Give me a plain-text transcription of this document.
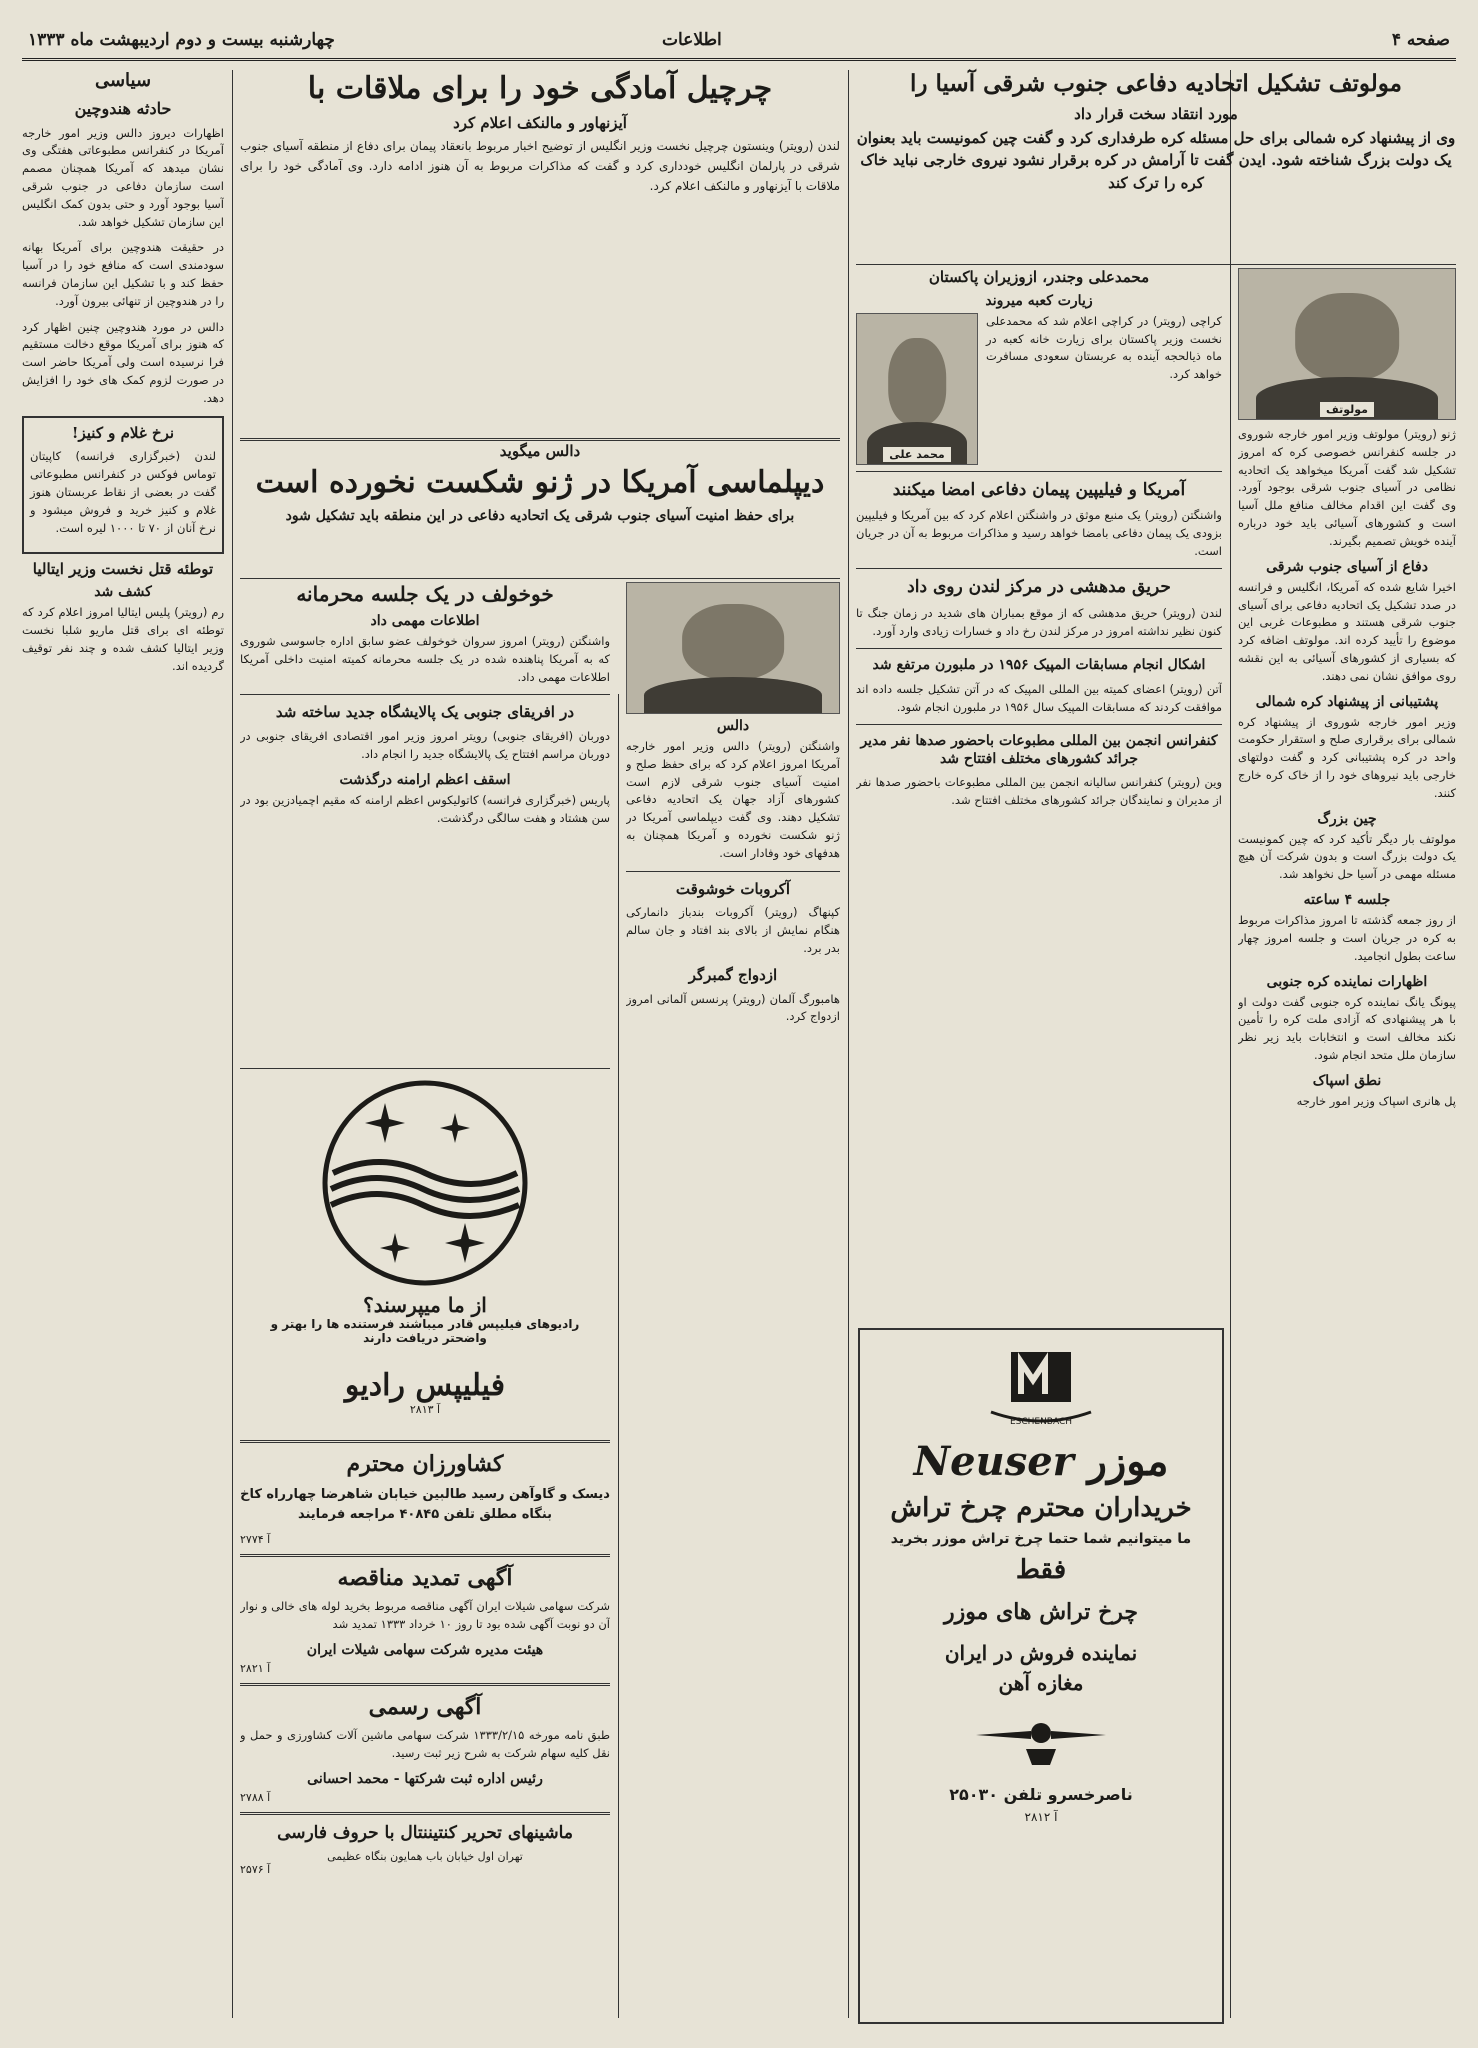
صفحه ۴
اطلاعات
چهارشنبه بیست و دوم اردیبهشت ماه ۱۳۳۳
مولوتف تشکیل اتحادیه دفاعی جنوب شرقی آسیا را
مورد انتقاد سخت قرار داد
وی از پیشنهاد کره شمالی برای حل مسئله کره طرفداری کرد و گفت چین کمونیست باید بعنوان یک دولت بزرگ شناخته شود. ایدن گفت تا آرامش در کره برقرار نشود نیروی خارجی نباید خاک کره را ترک کند
مولوتف

ژنو (رویتر) مولوتف وزیر امور خارجه شوروی در جلسه کنفرانس خصوصی کره که امروز تشکیل شد گفت آمریکا میخواهد یک اتحادیه نظامی در آسیای جنوب شرقی بوجود آورد. وی گفت این اقدام مخالف منافع ملل آسیا است و کشورهای آسیائی باید خود درباره آینده خویش تصمیم بگیرند.

دفاع از آسیای جنوب شرقی

اخیرا شایع شده که آمریکا، انگلیس و فرانسه در صدد تشکیل یک اتحادیه دفاعی برای آسیای جنوب شرقی هستند و مطبوعات غربی این موضوع را تأیید کرده اند. مولوتف اضافه کرد که بسیاری از کشورهای آسیائی به این نقشه روی موافق نشان نمی دهند.

پشتیبانی از پیشنهاد کره شمالی

وزیر امور خارجه شوروی از پیشنهاد کره شمالی برای برقراری صلح و استقرار حکومت واحد در کره پشتیبانی کرد و گفت دولتهای خارجی باید نیروهای خود را از خاک کره خارج کنند.

چین بزرگ

مولوتف بار دیگر تأکید کرد که چین کمونیست یک دولت بزرگ است و بدون شرکت آن هیچ مسئله مهمی در آسیا حل نخواهد شد.

جلسه ۴ ساعته

از روز جمعه گذشته تا امروز مذاکرات مربوط به کره در جریان است و جلسه امروز چهار ساعت بطول انجامید.

اظهارات نماینده کره جنوبی

پیونگ یانگ نماینده کره جنوبی گفت دولت او با هر پیشنهادی که آزادی ملت کره را تأمین نکند مخالف است و انتخابات باید زیر نظر سازمان ملل متحد انجام شود.

نطق اسپاک

پل هانری اسپاک وزیر امور خارجه

محمدعلی وجندر، ازوزیران پاکستان
زیارت کعبه میروند

کراچی (رویتر) در کراچی اعلام شد که محمدعلی نخست وزیر پاکستان برای زیارت خانه کعبه در ماه ذیالحجه آینده به عربستان سعودی مسافرت خواهد کرد.

محمد علی
آمریکا و فیلیپین پیمان دفاعی امضا میکنند

واشنگتن (رویتر) یک منبع موثق در واشنگتن اعلام کرد که بین آمریکا و فیلیپین بزودی یک پیمان دفاعی بامضا خواهد رسید و مذاکرات مربوط به آن در جریان است.

حریق مدهشی در مرکز لندن روی داد

لندن (رویتر) حریق مدهشی که از موقع بمباران های شدید در زمان جنگ تا کنون نظیر نداشته امروز در مرکز لندن رخ داد و خسارات زیادی وارد آورد.

اشکال انجام مسابقات المپیک ۱۹۵۶ در ملبورن مرتفع شد

آتن (رویتر) اعضای کمیته بین المللی المپیک که در آتن تشکیل جلسه داده اند موافقت کردند که مسابقات المپیک سال ۱۹۵۶ در ملبورن انجام شود.

کنفرانس انجمن بین المللی مطبوعات باحضور صدها نفر مدیر جرائد کشورهای مختلف افتتاح شد

وین (رویتر) کنفرانس سالیانه انجمن بین المللی مطبوعات باحضور صدها نفر از مدیران و نمایندگان جرائد کشورهای مختلف افتتاح شد.

ESCHENBACH
موزر Neuser
خریداران محترم چرخ تراش
ما میتوانیم شما حتما چرخ تراش موزر بخرید
فقط
چرخ تراش های موزر
نماینده فروش در ایران
مغازه آهن
ناصرخسرو تلفن ۲۵۰۳۰
آ ۲۸۱۲
چرچیل آمادگی خود را برای ملاقات با
آیزنهاور و مالنکف اعلام کرد

لندن (رویتر) وینستون چرچیل نخست وزیر انگلیس از توضیح اخبار مربوط بانعقاد پیمان برای دفاع از منطقه آسیای جنوب شرقی در پارلمان انگلیس خودداری کرد و گفت که مذاکرات مربوط به آن هنوز ادامه دارد. وی آمادگی خود را برای ملاقات با آیزنهاور و مالنکف اعلام کرد.

دالس میگوید
دیپلماسی آمریکا در ژنو شکست نخورده است
برای حفظ امنیت آسیای جنوب شرقی یک اتحادیه دفاعی در این منطقه باید تشکیل شود
خوخولف در یک جلسه محرمانه
اطلاعات مهمی داد

واشنگتن (رویتر) امروز سروان خوخولف عضو سابق اداره جاسوسی شوروی که به آمریکا پناهنده شده در یک جلسه محرمانه کمیته امنیت داخلی آمریکا اطلاعات مهمی داد.

در افریقای جنوبی یک پالایشگاه جدید ساخته شد

دوربان (افریقای جنوبی) رویتر امروز وزیر امور اقتصادی افریقای جنوبی در دوربان مراسم افتتاح یک پالایشگاه جدید را انجام داد.

اسقف اعظم ارامنه درگذشت

پاریس (خبرگزاری فرانسه) کاتولیکوس اعظم ارامنه که مقیم اچمیادزین بود در سن هشتاد و هفت سالگی درگذشت.

دالس

واشنگتن (رویتر) دالس وزیر امور خارجه آمریکا امروز اعلام کرد که برای حفظ صلح و امنیت آسیای جنوب شرقی لازم است کشورهای آزاد جهان یک اتحادیه دفاعی تشکیل دهند. وی گفت دیپلماسی آمریکا در ژنو شکست نخورده و آمریکا همچنان به هدفهای خود وفادار است.

آکروبات خوشوقت

کپنهاگ (رویتر) آکروبات بندباز دانمارکی هنگام نمایش از بالای بند افتاد و جان سالم بدر برد.

ازدواج گمبرگر

هامبورگ آلمان (رویتر) پرنسس آلمانی امروز ازدواج کرد.

از ما میپرسند؟
رادیوهای فیلیپس قادر میباشند فرستنده ها را بهتر و واضحتر دریافت دارند
فیلیپس رادیو
آ ۲۸۱۳
کشاورزان محترم

دیسک و گاوآهن رسید طالبین خیابان شاهرضا چهارراه کاخ بنگاه مطلق تلفن ۴۰۸۴۵ مراجعه فرمایند

آ ۲۷۷۴
آگهی تمدید مناقصه

شرکت سهامی شیلات ایران آگهی مناقصه مربوط بخرید لوله های خالی و نوار آن دو نوبت آگهی شده بود تا روز ۱۰ خرداد ۱۳۳۳ تمدید شد

هیئت مدیره شرکت سهامی شیلات ایران
آ ۲۸۲۱
آگهی رسمی

طبق نامه مورخه ۱۳۳۳/۲/۱۵ شرکت سهامی ماشین آلات کشاورزی و حمل و نقل کلیه سهام شرکت به شرح زیر ثبت رسید.

رئیس اداره ثبت شرکتها - محمد احسانی
آ ۲۷۸۸
ماشینهای تحریر کنتیننتال با حروف فارسی
تهران اول خیابان باب همایون بنگاه عظیمی
آ ۲۵۷۶
سیاسی
حادثه هندوچین

اظهارات دیروز دالس وزیر امور خارجه آمریکا در کنفرانس مطبوعاتی هفتگی وی نشان میدهد که آمریکا همچنان مصمم است سازمان دفاعی در جنوب شرقی آسیا بوجود آورد و حتی بدون کمک انگلیس این سازمان تشکیل خواهد شد.

در حقیقت هندوچین برای آمریکا بهانه سودمندی است که منافع خود را در آسیا حفظ کند و با تشکیل این سازمان فرانسه را در هندوچین از تنهائی بیرون آورد.

دالس در مورد هندوچین چنین اظهار کرد که هنوز برای آمریکا موقع دخالت مستقیم فرا نرسیده است ولی آمریکا حاضر است در صورت لزوم کمک های خود را افزایش دهد.

نرخ غلام و کنیز!

لندن (خبرگزاری فرانسه) کاپیتان توماس فوکس در کنفرانس مطبوعاتی گفت در بعضی از نقاط عربستان هنوز غلام و کنیز خرید و فروش میشود و نرخ آنان از ۷۰ تا ۱۰۰۰ لیره است.

توطئه قتل نخست وزیر ایتالیا
کشف شد

رم (رویتر) پلیس ایتالیا امروز اعلام کرد که توطئه ای برای قتل ماریو شلبا نخست وزیر ایتالیا کشف شده و چند نفر توقیف گردیده اند.
